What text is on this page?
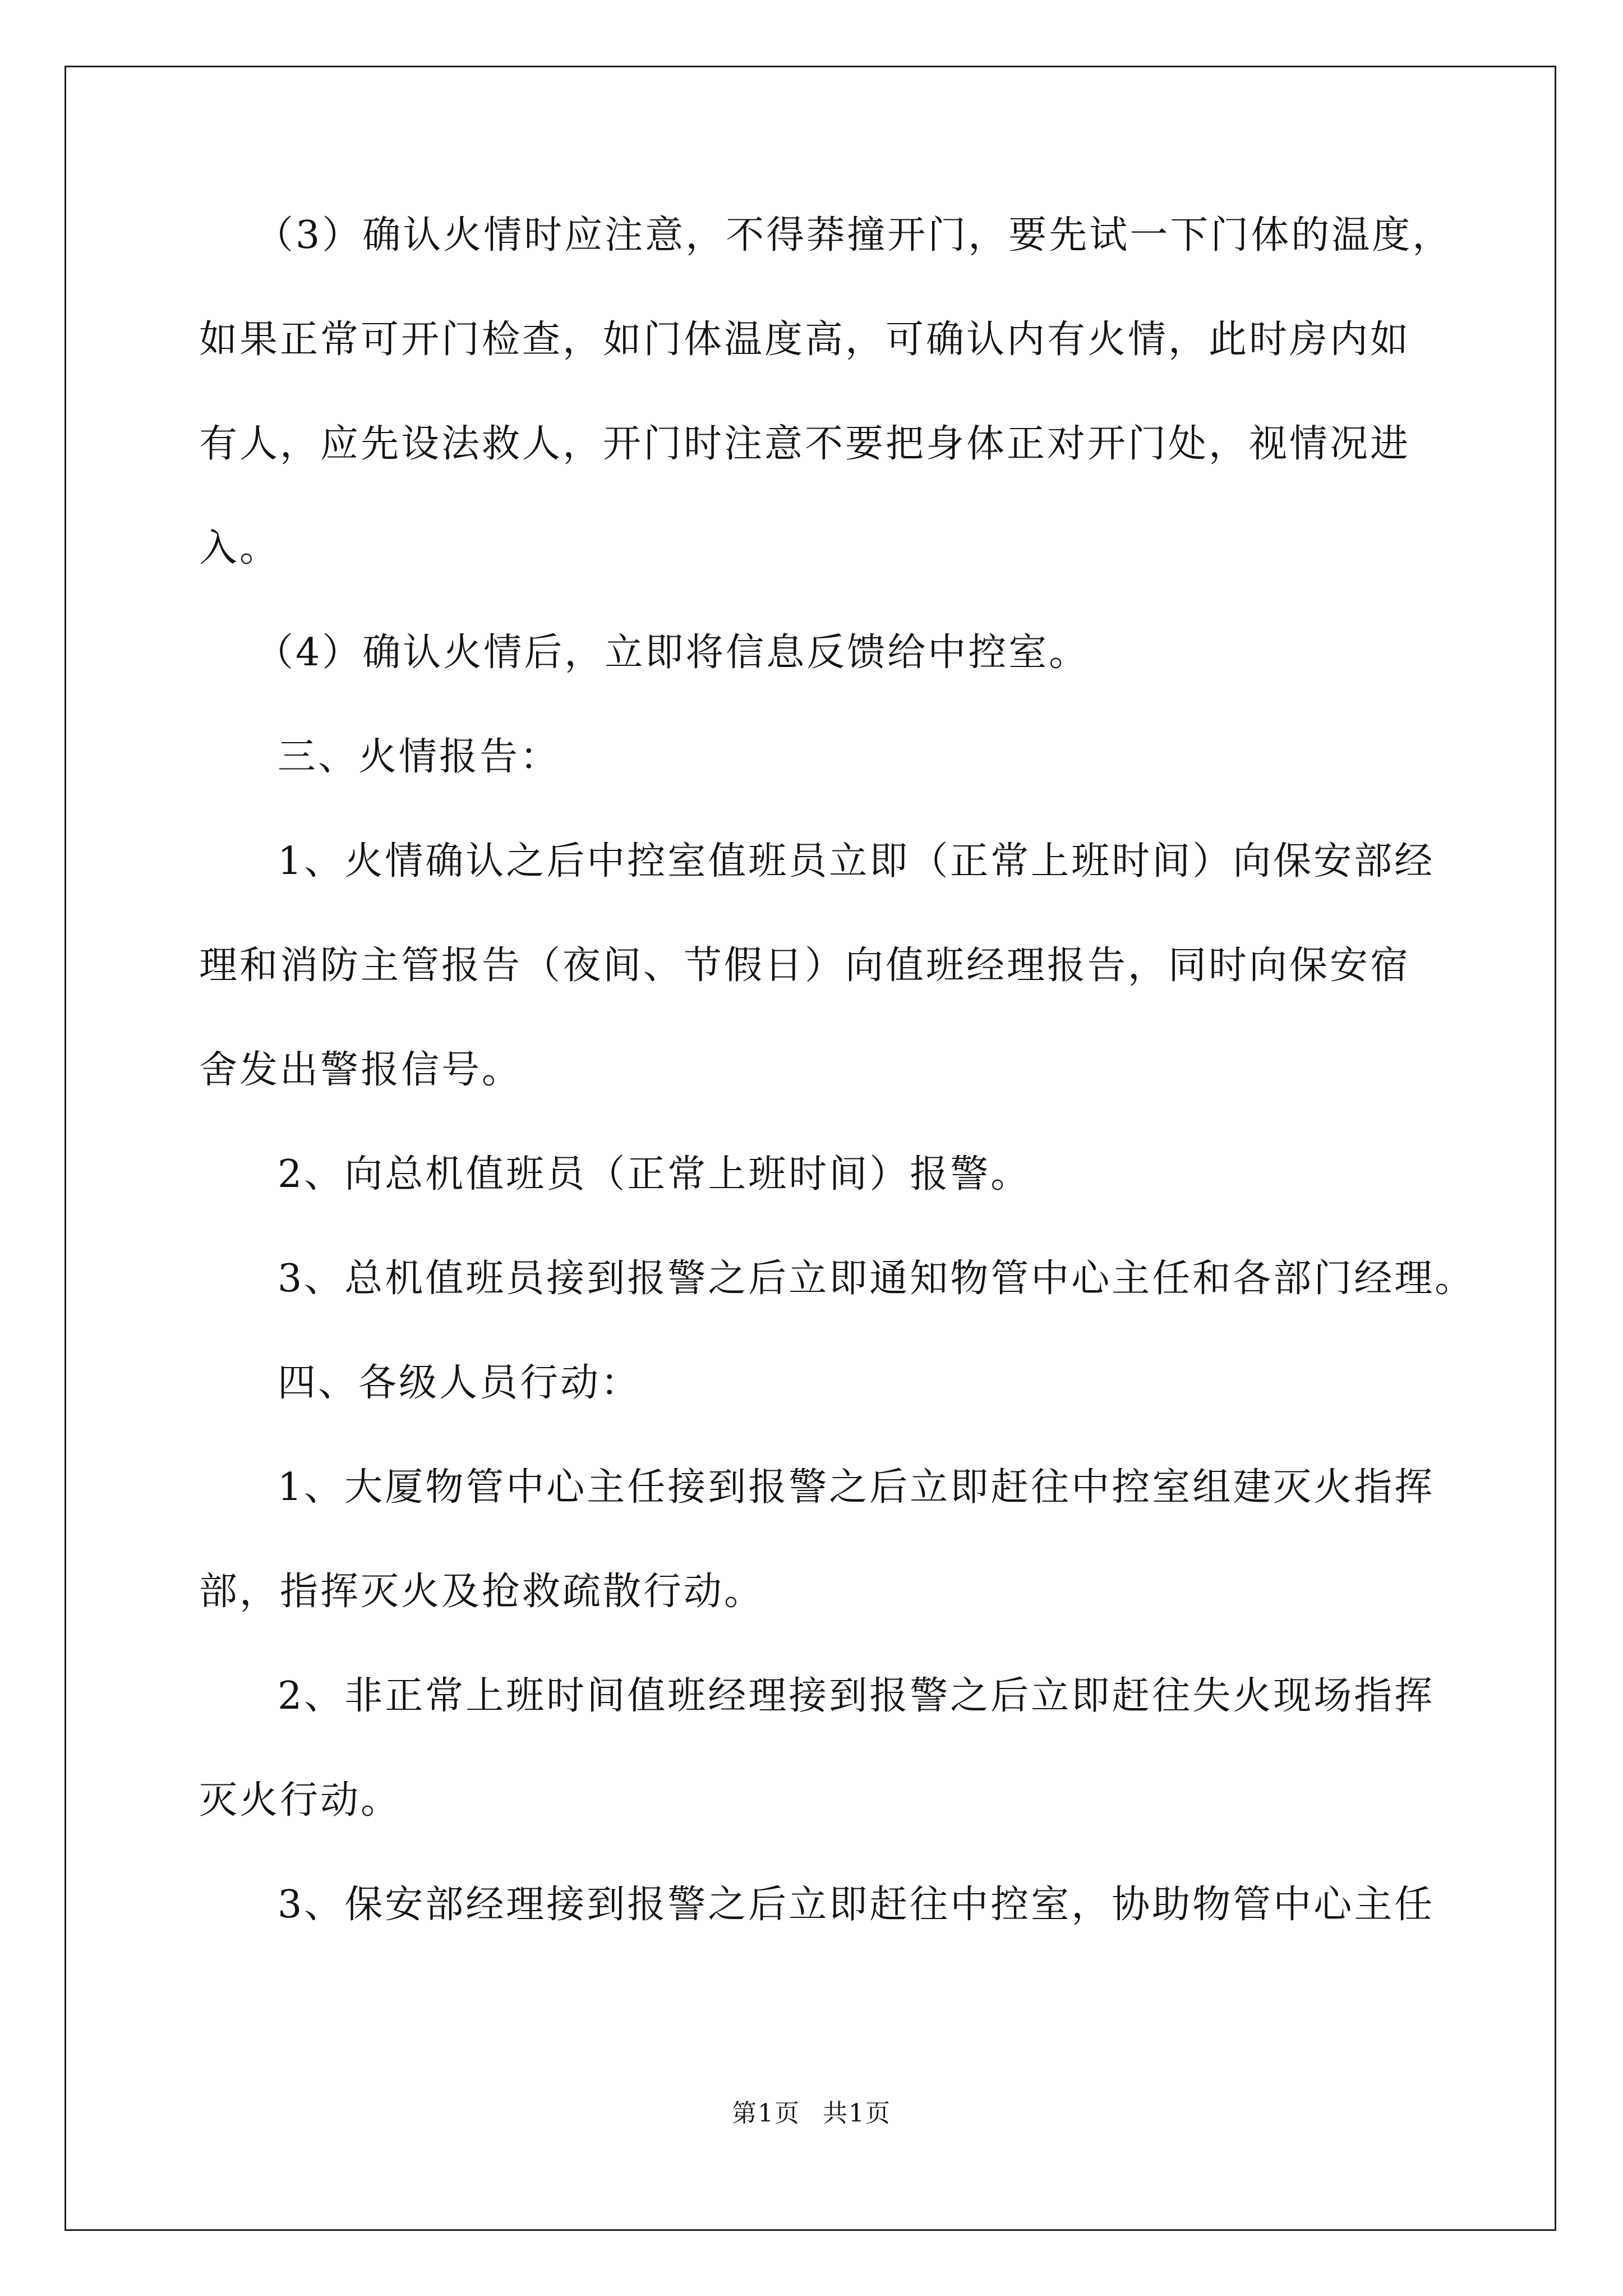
（3）确认火情时应注意，不得莽撞开门，要先试一下门体的温度，
如果正常可开门检查，如门体温度高，可确认内有火情，此时房内如
有人，应先设法救人，开门时注意不要把身体正对开门处，视情况进
入。
（4）确认火情后，立即将信息反馈给中控室。
三、火情报告：
1、火情确认之后中控室值班员立即（正常上班时间）向保安部经
理和消防主管报告（夜间、节假日）向值班经理报告，同时向保安宿
舍发出警报信号。
2、向总机值班员（正常上班时间）报警。
3、总机值班员接到报警之后立即通知物管中心主任和各部门经理。
四、各级人员行动：
1、大厦物管中心主任接到报警之后立即赶往中控室组建灭火指挥
部，指挥灭火及抢救疏散行动。
2、非正常上班时间值班经理接到报警之后立即赶往失火现场指挥
灭火行动。
3、保安部经理接到报警之后立即赶往中控室，协助物管中心主任
第1页 共1页
